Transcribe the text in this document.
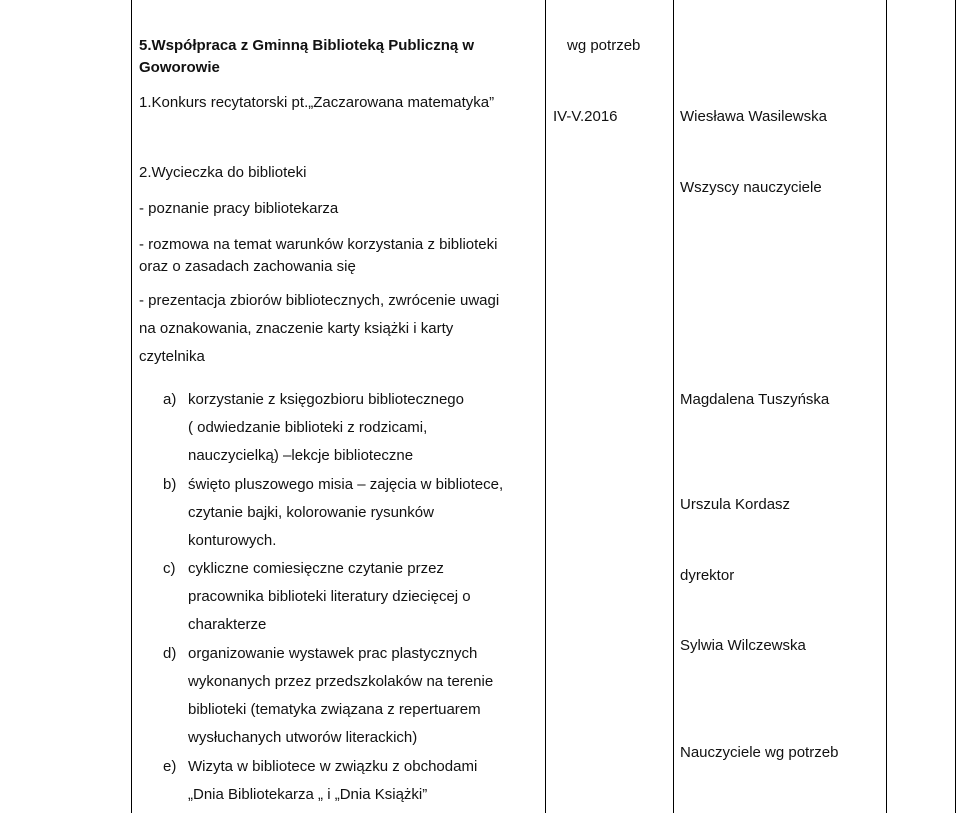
5.Współpraca z Gminną Biblioteką Publiczną w
Goworowie
wg potrzeb
1.Konkurs recytatorski pt.„Zaczarowana matematyka”
IV-V.2016	Wiesława Wasilewska
2.Wycieczka do biblioteki
Wszyscy nauczyciele
- poznanie pracy bibliotekarza
- rozmowa na temat warunków korzystania z biblioteki
oraz o zasadach zachowania się
- prezentacja zbiorów bibliotecznych, zwrócenie uwagi
na oznakowania, znaczenie karty książki i karty
czytelnika
a) korzystanie z księgozbioru bibliotecznego
( odwiedzanie biblioteki z rodzicami,
nauczycielką) –lekcje biblioteczne
b) święto pluszowego misia – zajęcia w bibliotece,
czytanie bajki, kolorowanie rysunków
konturowych.
c) cykliczne comiesięczne czytanie przez
pracownika biblioteki literatury dziecięcej o
charakterze
d) organizowanie wystawek prac plastycznych
wykonanych przez przedszkolaków na terenie
biblioteki (tematyka związana z repertuarem
wysłuchanych utworów literackich)
e) Wizyta w bibliotece w związku z obchodami
„Dnia Bibliotekarza „ i „Dnia Książki”
Magdalena Tuszyńska
Urszula Kordasz
dyrektor
Sylwia Wilczewska
Nauczyciele wg potrzeb
